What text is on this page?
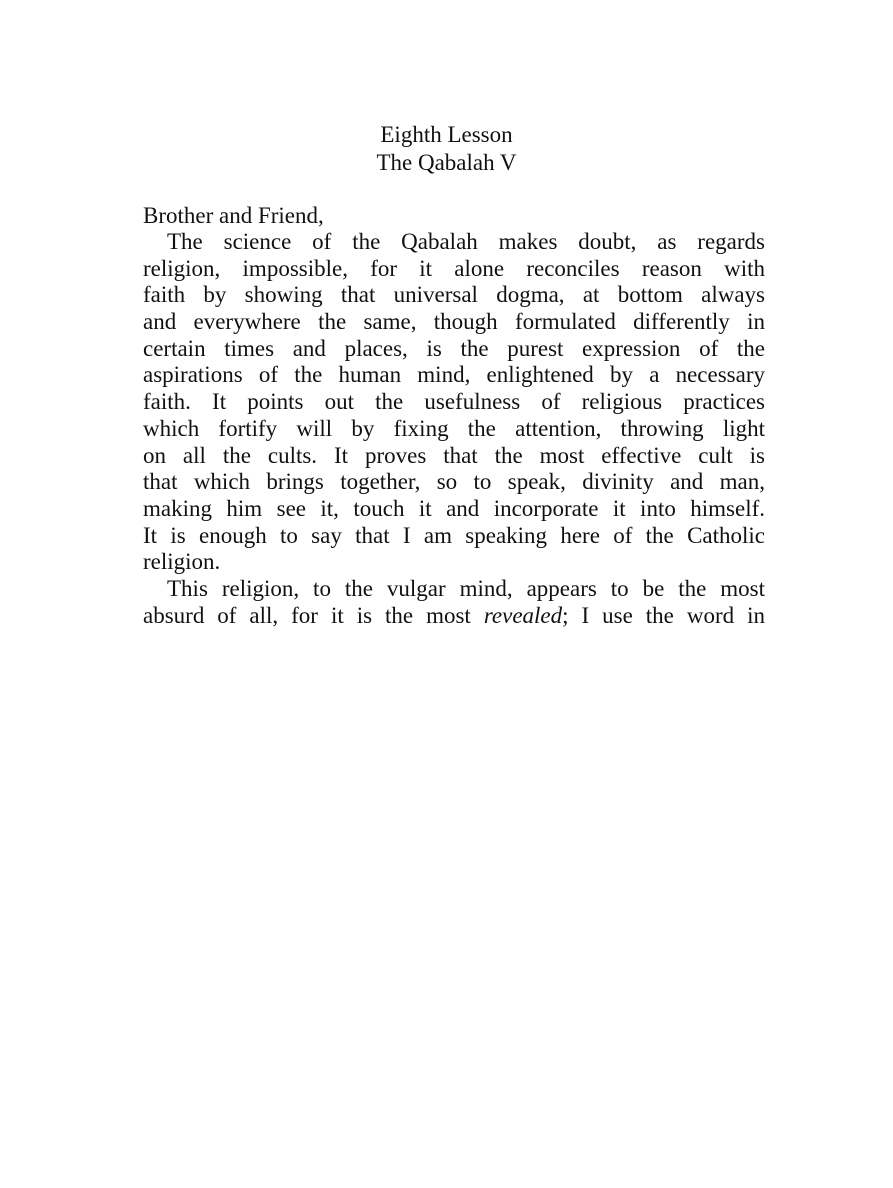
Eighth Lesson
The Qabalah V
Brother and Friend,
The science of the Qabalah makes doubt, as regards
religion, impossible, for it alone reconciles reason with
faith by showing that universal dogma, at bottom always
and everywhere the same, though formulated differently in
certain times and places, is the purest expression of the
aspirations of the human mind, enlightened by a necessary
faith. It points out the usefulness of religious practices
which fortify will by fixing the attention, throwing light
on all the cults. It proves that the most effective cult is
that which brings together, so to speak, divinity and man,
making him see it, touch it and incorporate it into himself.
It is enough to say that I am speaking here of the Catholic
religion.
This religion, to the vulgar mind, appears to be the most
absurd of all, for it is the most revealed; I use the word in
